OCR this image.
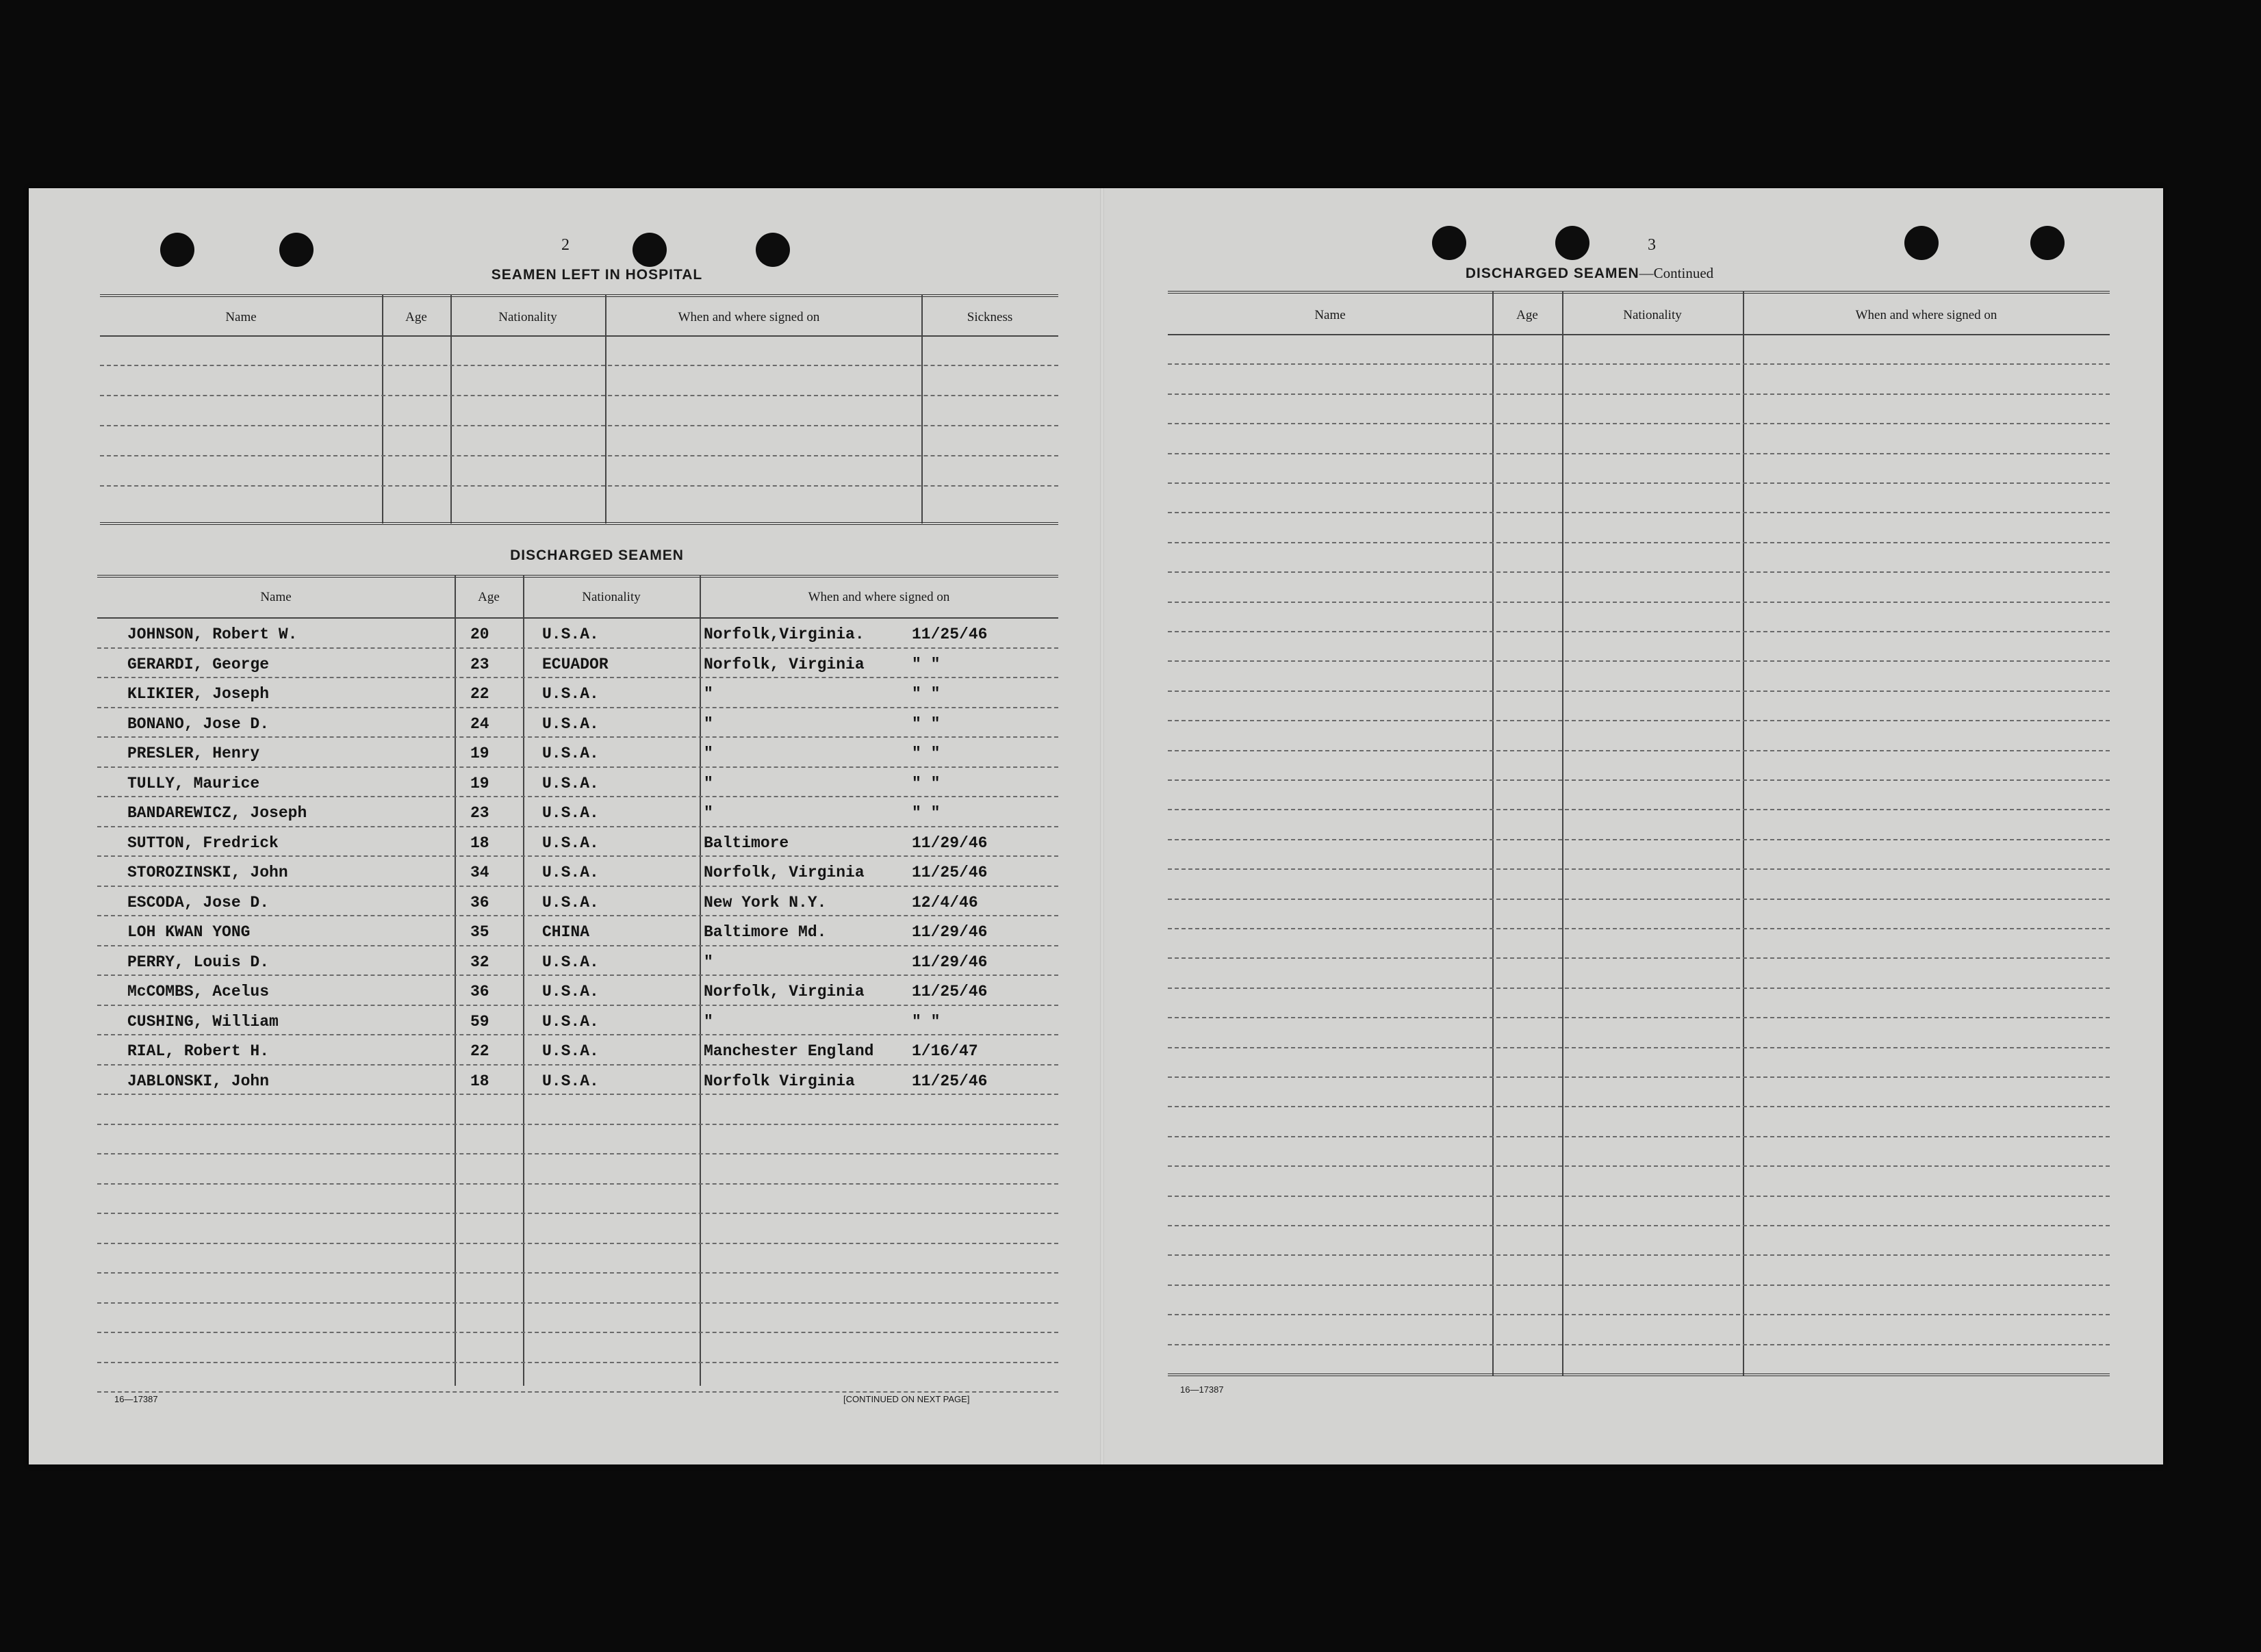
2
SEAMEN LEFT IN HOSPITAL
Name	Age	Nationality	When and where signed on	Sickness
DISCHARGED SEAMEN
Name	Age	Nationality	When and where signed on
JOHNSON, Robert W.	20	U.S.A.	Norfolk,Virginia.	11/25/46
GERARDI, George	23	ECUADOR	Norfolk, Virginia	" "
KLIKIER, Joseph	22	U.S.A.	"	" "
BONANO, Jose D.	24	U.S.A.	"	" "
PRESLER, Henry	19	U.S.A.	"	" "
TULLY, Maurice	19	U.S.A.	"	" "
BANDAREWICZ, Joseph	23	U.S.A.	"	" "
SUTTON, Fredrick	18	U.S.A.	Baltimore	11/29/46
STOROZINSKI, John	34	U.S.A.	Norfolk, Virginia	11/25/46
ESCODA, Jose D.	36	U.S.A.	New York N.Y.	12/4/46
LOH KWAN YONG	35	CHINA	Baltimore Md.	11/29/46
PERRY, Louis D.	32	U.S.A.	"	11/29/46
McCOMBS, Acelus	36	U.S.A.	Norfolk, Virginia	11/25/46
CUSHING, William	59	U.S.A.	"	" "
RIAL, Robert H.	22	U.S.A.	Manchester England 1/16/47
JABLONSKI, John	18	U.S.A.	Norfolk Virginia	11/25/46
16—17387	[CONTINUED ON NEXT PAGE]
3
DISCHARGED SEAMEN—Continued
Name	Age	Nationality	When and where signed on
16—17387
